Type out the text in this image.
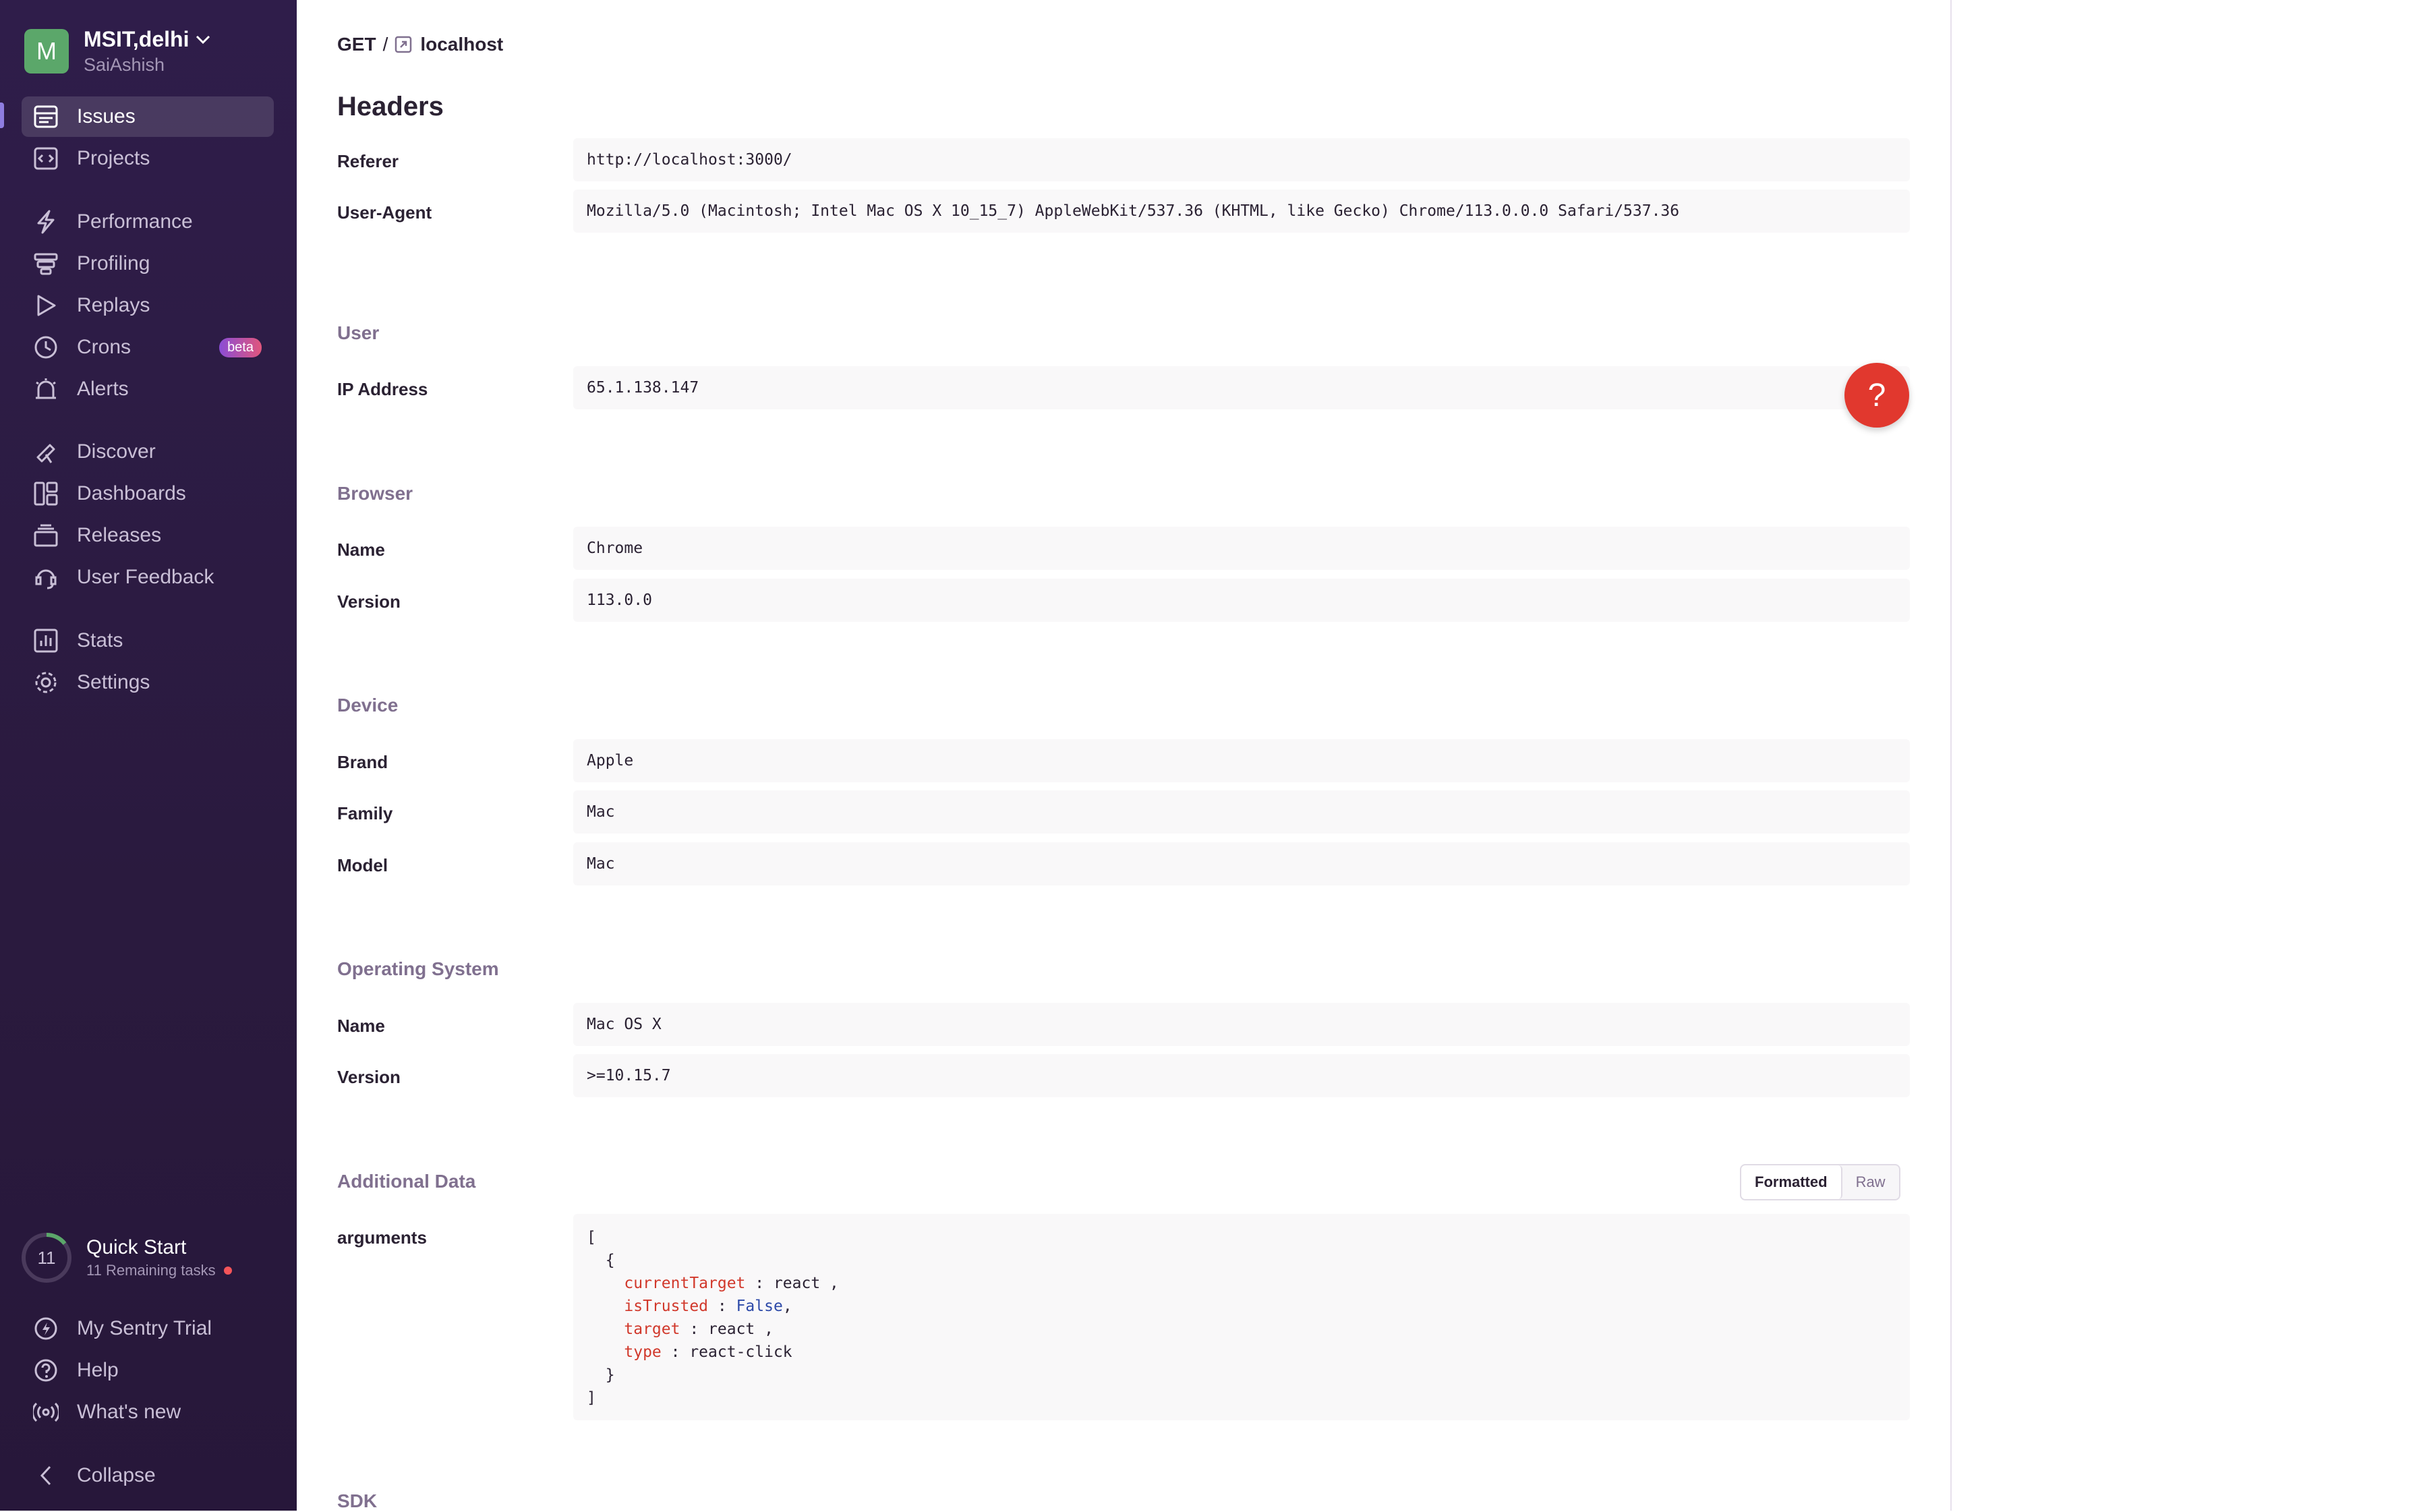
M	MSIT,delhi
SaiAshish
Issues
Projects
Performance
Profiling
Replays
Crons	beta
Alerts
Discover
Dashboards
Releases
User Feedback
Stats
Settings
11	Quick Start
11 Remaining tasks
My Sentry Trial
Help
What's new
Collapse
GET / localhost
Headers
Referer	http://localhost:3000/
User-Agent	Mozilla/5.0 (Macintosh; Intel Mac OS X 10_15_7) AppleWebKit/537.36 (KHTML, like Gecko) Chrome/113.0.0.0 Safari/537.36
User
IP Address	65.1.138.147
Browser
Name	Chrome
Version	113.0.0
Device
Brand	Apple
Family	Mac
Model	Mac
Operating System
Name	Mac OS X
Version	>=10.15.7
Additional Data	Formatted	Raw
arguments	[
{
currentTarget : react ,
isTrusted : False,
target : react ,
type : react-click
}
]
SDK
?
